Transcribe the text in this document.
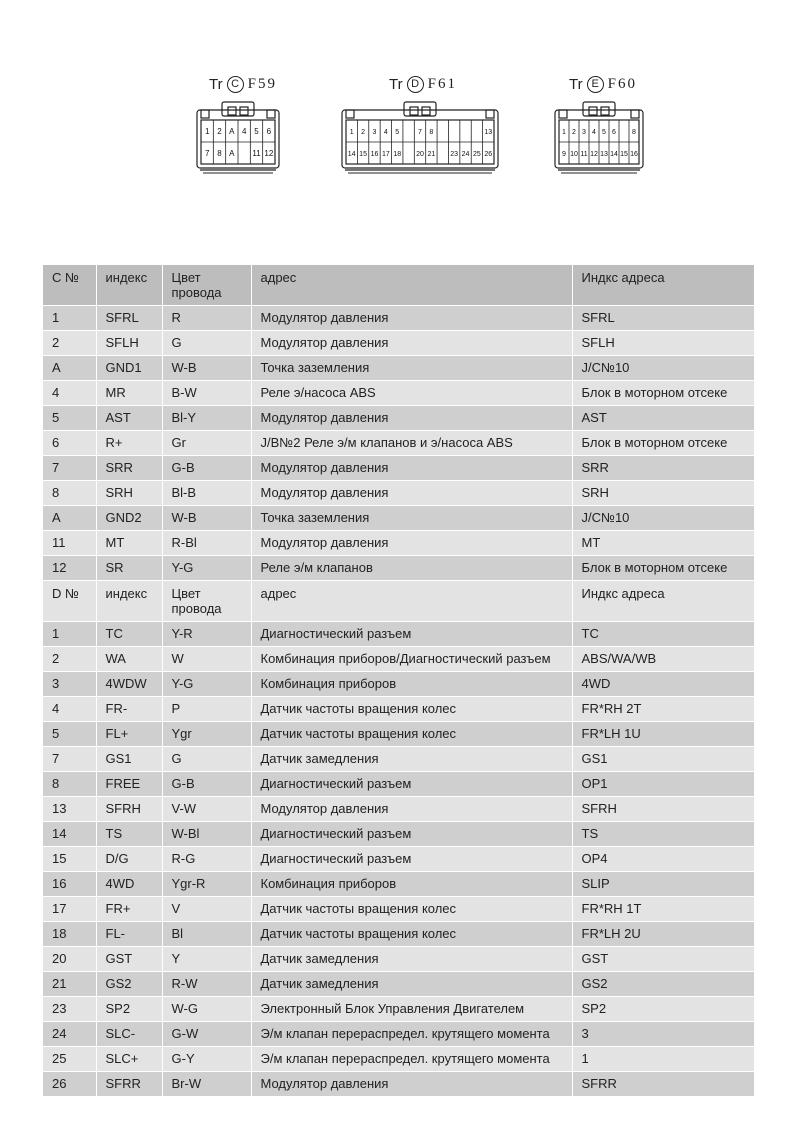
Tr C F59	Tr D F61	Tr E F60
1 2 A 4 5 6
7 8 A 11 12
1 2 3 4 5	7 8	13
14 15 16 17 18 20 21 23 24 25 26
1 2 3 4 5 6 8
9 10 11 12 13 14 15 16
C №	индекс	Цвет провода	адрес	Индкс адреса
1	SFRL	R	Модулятор давления	SFRL
2	SFLH	G	Модулятор давления	SFLH
A	GND1	W-B	Точка заземления	J/C№10
4	MR	B-W	Реле э/насоса ABS	Блок в моторном отсеке
5	AST	Bl-Y	Модулятор давления	AST
6	R+	Gr	J/B№2 Реле э/м клапанов и э/насоса ABS	Блок в моторном отсеке
7	SRR	G-B	Модулятор давления	SRR
8	SRH	Bl-B	Модулятор давления	SRH
A	GND2	W-B	Точка заземления	J/C№10
11	MT	R-Bl	Модулятор давления	MT
12	SR	Y-G	Реле э/м клапанов	Блок в моторном отсеке
D №	индекс	Цвет провода	адрес	Индкс адреса
1	TC	Y-R	Диагностический разъем	TC
2	WA	W	Комбинация приборов/Диагностический разъем	ABS/WA/WB
3	4WDW	Y-G	Комбинация приборов	4WD
4	FR-	P	Датчик частоты вращения колес	FR*RH 2T
5	FL+	Ygr	Датчик частоты вращения колес	FR*LH 1U
7	GS1	G	Датчик замедления	GS1
8	FREE	G-B	Диагностический разъем	OP1
13	SFRH	V-W	Модулятор давления	SFRH
14	TS	W-Bl	Диагностический разъем	TS
15	D/G	R-G	Диагностический разъем	OP4
16	4WD	Ygr-R	Комбинация приборов	SLIP
17	FR+	V	Датчик частоты вращения колес	FR*RH 1T
18	FL-	Bl	Датчик частоты вращения колес	FR*LH 2U
20	GST	Y	Датчик замедления	GST
21	GS2	R-W	Датчик замедления	GS2
23	SP2	W-G	Электронный Блок Управления Двигателем	SP2
24	SLC-	G-W	Э/м клапан перераспредел. крутящего момента	3
25	SLC+	G-Y	Э/м клапан перераспредел. крутящего момента	1
26	SFRR	Br-W	Модулятор давления	SFRR
